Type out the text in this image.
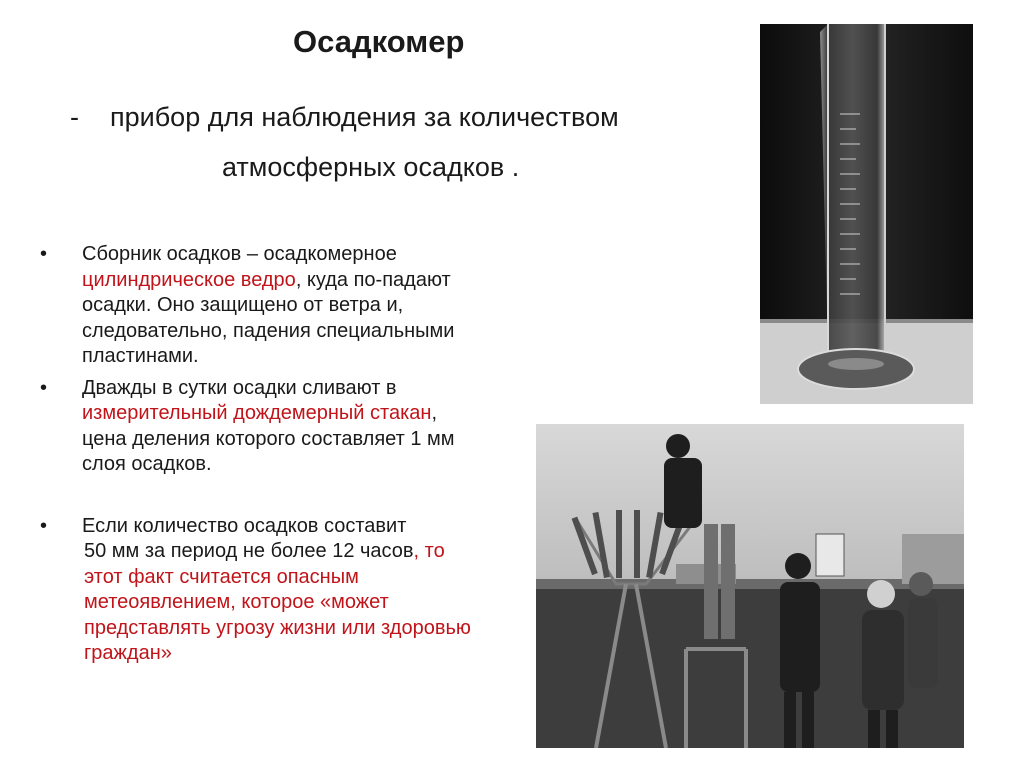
Осадкомер
- прибор для наблюдения за количеством
атмосферных осадков .
• Сборник осадков – осадкомерное цилиндрическое ведро, куда по-падают осадки. Оно защищено от ветра и, следовательно, падения специальными пластинами.
• Дважды в сутки осадки сливают в измерительный дождемерный стакан, цена деления которого составляет 1 мм слоя осадков.
• Если количество осадков составит

50 мм за период не более 12 часов, то этот факт считается опасным метеоявлением, которое «может представлять угрозу жизни или здоровью граждан»
